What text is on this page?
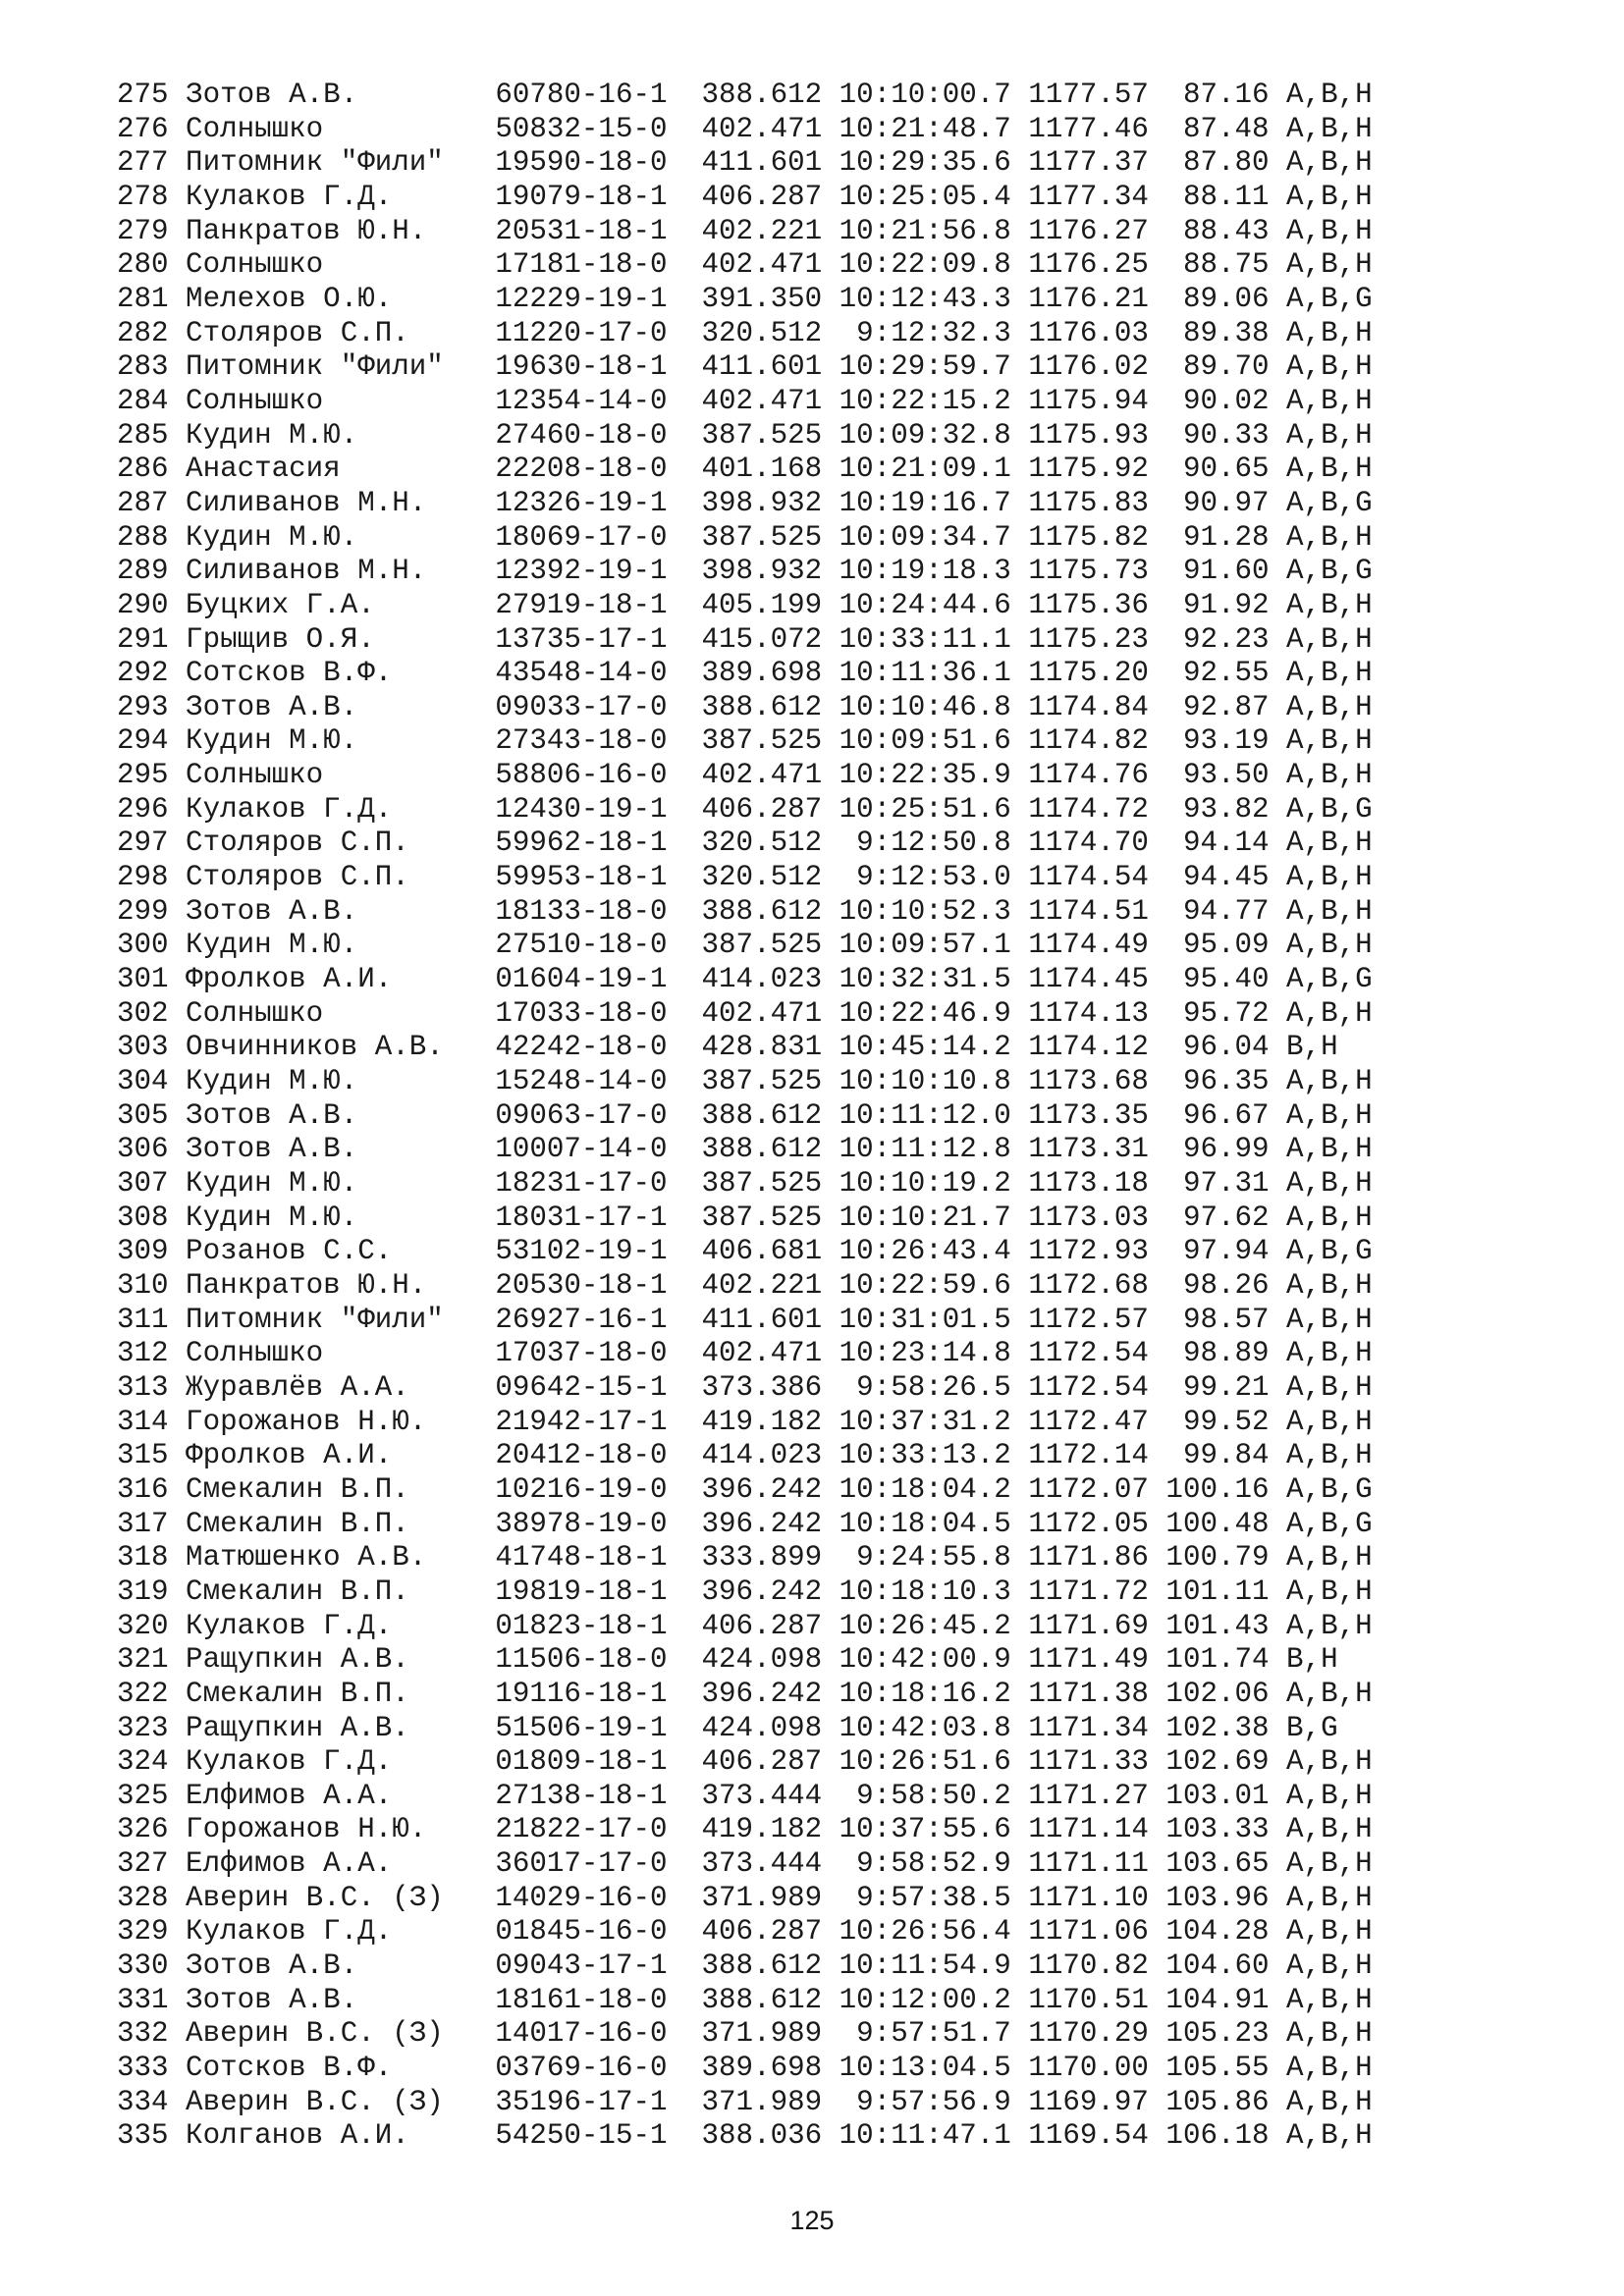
275 Зотов А.В.        60780-16-1  388.612 10:10:00.7 1177.57  87.16 A,B,H
276 Солнышко          50832-15-0  402.471 10:21:48.7 1177.46  87.48 A,B,H
277 Питомник "Фили"   19590-18-0  411.601 10:29:35.6 1177.37  87.80 A,B,H
278 Кулаков Г.Д.      19079-18-1  406.287 10:25:05.4 1177.34  88.11 A,B,H
279 Панкратов Ю.Н.    20531-18-1  402.221 10:21:56.8 1176.27  88.43 A,B,H
280 Солнышко          17181-18-0  402.471 10:22:09.8 1176.25  88.75 A,B,H
281 Мелехов О.Ю.      12229-19-1  391.350 10:12:43.3 1176.21  89.06 A,B,G
282 Столяров С.П.     11220-17-0  320.512  9:12:32.3 1176.03  89.38 A,B,H
283 Питомник "Фили"   19630-18-1  411.601 10:29:59.7 1176.02  89.70 A,B,H
284 Солнышко          12354-14-0  402.471 10:22:15.2 1175.94  90.02 A,B,H
285 Кудин М.Ю.        27460-18-0  387.525 10:09:32.8 1175.93  90.33 A,B,H
286 Анастасия         22208-18-0  401.168 10:21:09.1 1175.92  90.65 A,B,H
287 Силиванов М.Н.    12326-19-1  398.932 10:19:16.7 1175.83  90.97 A,B,G
288 Кудин М.Ю.        18069-17-0  387.525 10:09:34.7 1175.82  91.28 A,B,H
289 Силиванов М.Н.    12392-19-1  398.932 10:19:18.3 1175.73  91.60 A,B,G
290 Буцких Г.А.       27919-18-1  405.199 10:24:44.6 1175.36  91.92 A,B,H
291 Грыщив О.Я.       13735-17-1  415.072 10:33:11.1 1175.23  92.23 A,B,H
292 Сотсков В.Ф.      43548-14-0  389.698 10:11:36.1 1175.20  92.55 A,B,H
293 Зотов А.В.        09033-17-0  388.612 10:10:46.8 1174.84  92.87 A,B,H
294 Кудин М.Ю.        27343-18-0  387.525 10:09:51.6 1174.82  93.19 A,B,H
295 Солнышко          58806-16-0  402.471 10:22:35.9 1174.76  93.50 A,B,H
296 Кулаков Г.Д.      12430-19-1  406.287 10:25:51.6 1174.72  93.82 A,B,G
297 Столяров С.П.     59962-18-1  320.512  9:12:50.8 1174.70  94.14 A,B,H
298 Столяров С.П.     59953-18-1  320.512  9:12:53.0 1174.54  94.45 A,B,H
299 Зотов А.В.        18133-18-0  388.612 10:10:52.3 1174.51  94.77 A,B,H
300 Кудин М.Ю.        27510-18-0  387.525 10:09:57.1 1174.49  95.09 A,B,H
301 Фролков А.И.      01604-19-1  414.023 10:32:31.5 1174.45  95.40 A,B,G
302 Солнышко          17033-18-0  402.471 10:22:46.9 1174.13  95.72 A,B,H
303 Овчинников А.В.   42242-18-0  428.831 10:45:14.2 1174.12  96.04 B,H
304 Кудин М.Ю.        15248-14-0  387.525 10:10:10.8 1173.68  96.35 A,B,H
305 Зотов А.В.        09063-17-0  388.612 10:11:12.0 1173.35  96.67 A,B,H
306 Зотов А.В.        10007-14-0  388.612 10:11:12.8 1173.31  96.99 A,B,H
307 Кудин М.Ю.        18231-17-0  387.525 10:10:19.2 1173.18  97.31 A,B,H
308 Кудин М.Ю.        18031-17-1  387.525 10:10:21.7 1173.03  97.62 A,B,H
309 Розанов С.С.      53102-19-1  406.681 10:26:43.4 1172.93  97.94 A,B,G
310 Панкратов Ю.Н.    20530-18-1  402.221 10:22:59.6 1172.68  98.26 A,B,H
311 Питомник "Фили"   26927-16-1  411.601 10:31:01.5 1172.57  98.57 A,B,H
312 Солнышко          17037-18-0  402.471 10:23:14.8 1172.54  98.89 A,B,H
313 Журавлёв А.А.     09642-15-1  373.386  9:58:26.5 1172.54  99.21 A,B,H
314 Горожанов Н.Ю.    21942-17-1  419.182 10:37:31.2 1172.47  99.52 A,B,H
315 Фролков А.И.      20412-18-0  414.023 10:33:13.2 1172.14  99.84 A,B,H
316 Смекалин В.П.     10216-19-0  396.242 10:18:04.2 1172.07 100.16 A,B,G
317 Смекалин В.П.     38978-19-0  396.242 10:18:04.5 1172.05 100.48 A,B,G
318 Матюшенко А.В.    41748-18-1  333.899  9:24:55.8 1171.86 100.79 A,B,H
319 Смекалин В.П.     19819-18-1  396.242 10:18:10.3 1171.72 101.11 A,B,H
320 Кулаков Г.Д.      01823-18-1  406.287 10:26:45.2 1171.69 101.43 A,B,H
321 Ращупкин А.В.     11506-18-0  424.098 10:42:00.9 1171.49 101.74 B,H
322 Смекалин В.П.     19116-18-1  396.242 10:18:16.2 1171.38 102.06 A,B,H
323 Ращупкин А.В.     51506-19-1  424.098 10:42:03.8 1171.34 102.38 B,G
324 Кулаков Г.Д.      01809-18-1  406.287 10:26:51.6 1171.33 102.69 A,B,H
325 Елфимов А.А.      27138-18-1  373.444  9:58:50.2 1171.27 103.01 A,B,H
326 Горожанов Н.Ю.    21822-17-0  419.182 10:37:55.6 1171.14 103.33 A,B,H
327 Елфимов А.А.      36017-17-0  373.444  9:58:52.9 1171.11 103.65 A,B,H
328 Аверин В.С. (З)   14029-16-0  371.989  9:57:38.5 1171.10 103.96 A,B,H
329 Кулаков Г.Д.      01845-16-0  406.287 10:26:56.4 1171.06 104.28 A,B,H
330 Зотов А.В.        09043-17-1  388.612 10:11:54.9 1170.82 104.60 A,B,H
331 Зотов А.В.        18161-18-0  388.612 10:12:00.2 1170.51 104.91 A,B,H
332 Аверин В.С. (З)   14017-16-0  371.989  9:57:51.7 1170.29 105.23 A,B,H
333 Сотсков В.Ф.      03769-16-0  389.698 10:13:04.5 1170.00 105.55 A,B,H
334 Аверин В.С. (З)   35196-17-1  371.989  9:57:56.9 1169.97 105.86 A,B,H
335 Колганов А.И.     54250-15-1  388.036 10:11:47.1 1169.54 106.18 A,B,H
125
